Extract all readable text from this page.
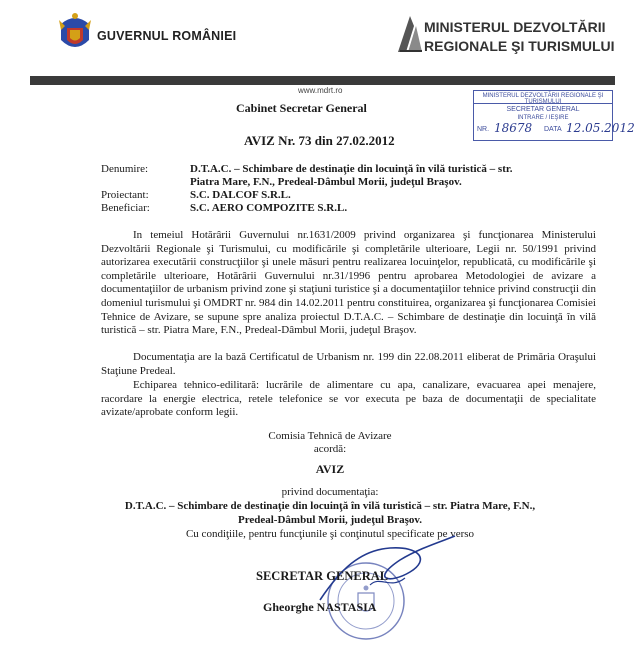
GUVERNUL ROMÂNIEI
MINISTERUL DEZVOLTĂRII
REGIONALE ŞI TURISMULUI
www.mdrt.ro
MINISTERUL DEZVOLTĂRII REGIONALE ŞI TURISMULUI
SECRETAR GENERAL
INTRARE / IEŞIRE
NR. 18678 DATA 12.05.2012
Cabinet Secretar General
AVIZ Nr. 73 din 27.02.2012
Denumire:	D.T.A.C. – Schimbare de destinaţie din locuinţă în vilă turistică – str.
Piatra Mare, F.N., Predeal-Dâmbul Morii, judeţul Braşov.
Proiectant:	S.C. DALCOF S.R.L.
Beneficiar:	S.C. AERO COMPOZITE S.R.L.

In temeiul Hotărârii Guvernului nr.1631/2009 privind organizarea şi funcţionarea Ministerului Dezvoltării Regionale şi Turismului, cu modificările şi completările ulterioare, Legii nr. 50/1991 privind autorizarea executării construcţiilor şi unele măsuri pentru realizarea locuinţelor, republicată, cu modificările şi completările ulterioare, Hotărârii Guvernului nr.31/1996 pentru aprobarea Metodologiei de avizare a documentaţiilor de urbanism privind zone şi staţiuni turistice şi a documentaţiilor tehnice privind construcţii din domeniul turismului şi OMDRT nr. 984 din 14.02.2011 pentru constituirea, organizarea şi funcţionarea Comisiei Tehnice de Avizare, se supune spre analiza proiectul D.T.A.C. – Schimbare de destinaţie din locuinţă în vilă turistică – str. Piatra Mare, F.N., Predeal-Dâmbul Morii, judeţul Braşov.

Documentaţia are la bază Certificatul de Urbanism nr. 199 din 22.08.2011 eliberat de Primăria Oraşului Staţiune Predeal.

Echiparea tehnico-edilitară: lucrările de alimentare cu apa, canalizare, evacuarea apei menajere, racordare la energie electrica, retele telefonice se vor executa pe baza de documentaţii de specialitate avizate/aprobate conform legii.

Comisia Tehnică de Avizare
acordă:
AVIZ
privind documentaţia:
D.T.A.C. – Schimbare de destinaţie din locuinţă în vilă turistică – str. Piatra Mare, F.N.,
Predeal-Dâmbul Morii, judeţul Braşov.
Cu condiţiile, pentru funcţiunile şi conţinutul specificate pe verso
SECRETAR GENERAL
Gheorghe NASTASIA
